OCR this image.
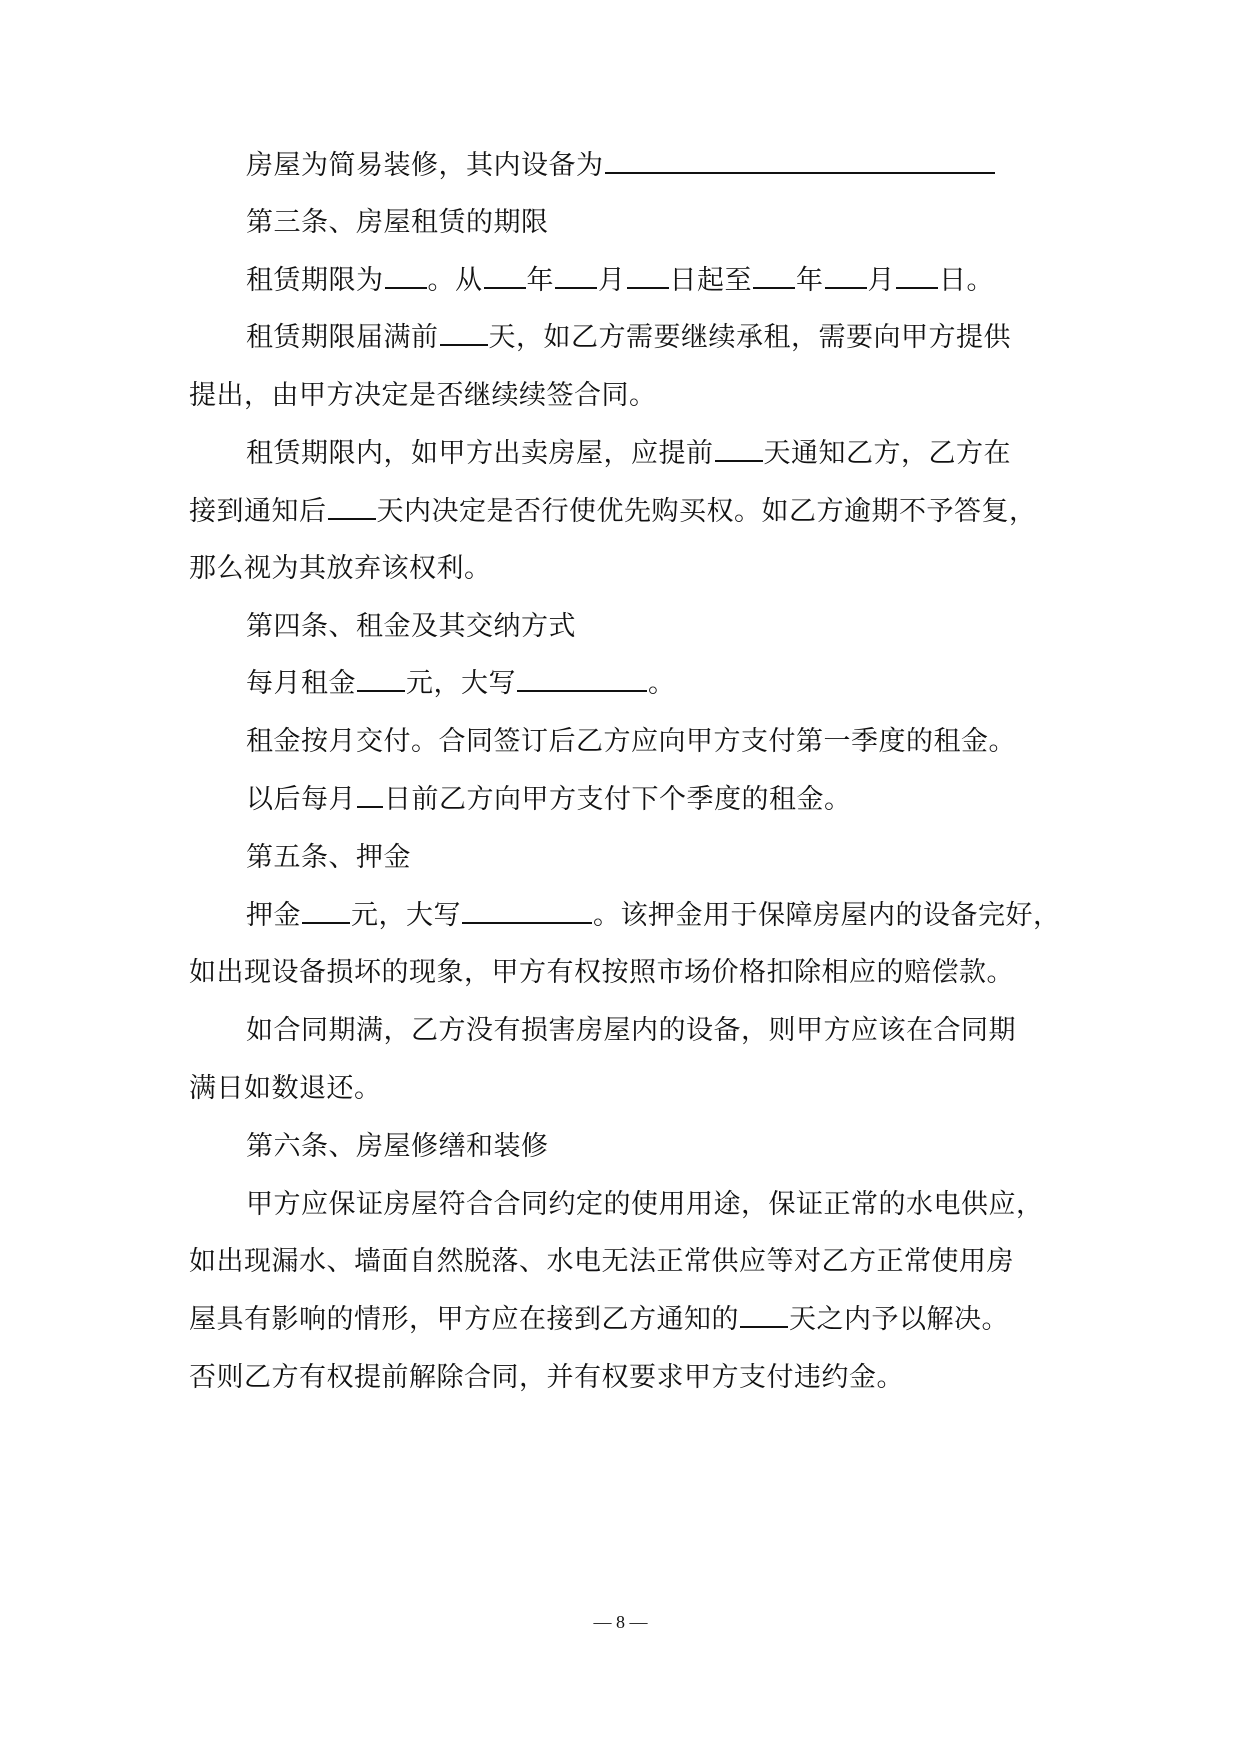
房屋为简易装修，其内设备为
第三条、房屋租赁的期限
租赁期限为 。从 年 月 日起至 年 月 日。
租赁期限届满前 天，如乙方需要继续承租，需要向甲方提供
提出，由甲方决定是否继续续签合同。
租赁期限内，如甲方出卖房屋，应提前 天通知乙方，乙方在
接到通知后 天内决定是否行使优先购买权。如乙方逾期不予答复，
那么视为其放弃该权利。
第四条、租金及其交纳方式
每月租金 元，大写	。
租金按月交付。合同签订后乙方应向甲方支付第一季度的租金。
以后每月 日前乙方向甲方支付下个季度的租金。
第五条、押金
押金 元，大写	。该押金用于保障房屋内的设备完好，
如出现设备损坏的现象，甲方有权按照市场价格扣除相应的赔偿款。
如合同期满，乙方没有损害房屋内的设备，则甲方应该在合同期
满日如数退还。
第六条、房屋修缮和装修
甲方应保证房屋符合合同约定的使用用途，保证正常的水电供应，
如出现漏水、墙面自然脱落、水电无法正常供应等对乙方正常使用房
屋具有影响的情形，甲方应在接到乙方通知的 天之内予以解决。
否则乙方有权提前解除合同，并有权要求甲方支付违约金。
— 8 —
